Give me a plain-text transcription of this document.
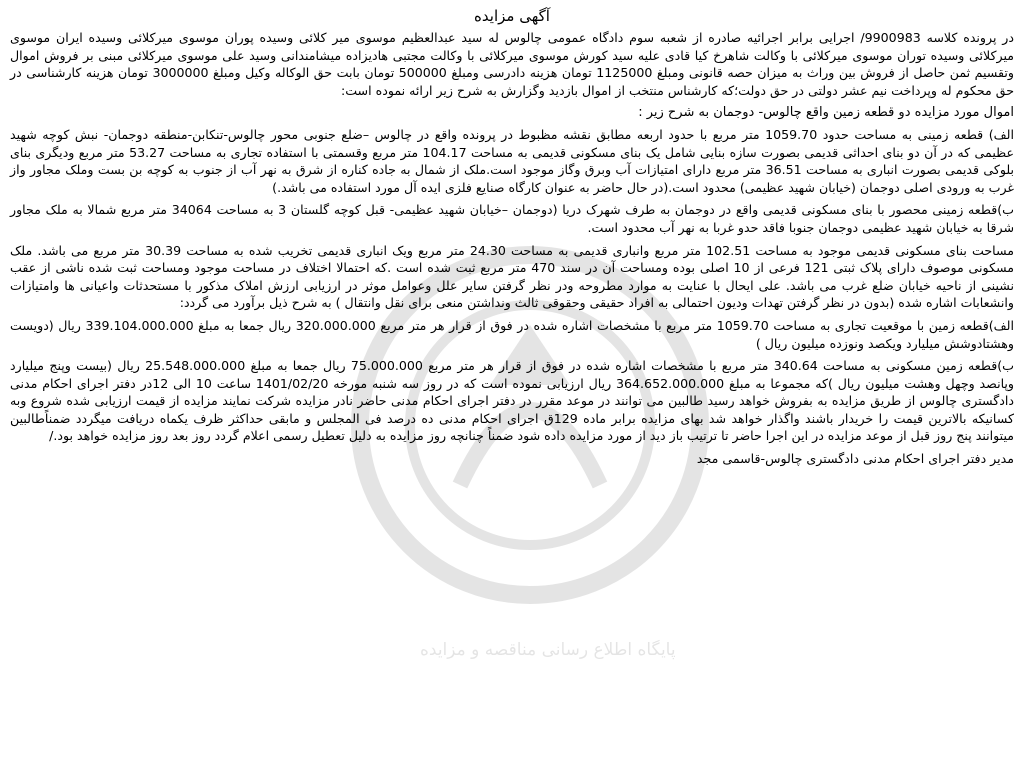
آگهی مزایده

در پرونده کلاسه 9900983/ اجرایی برابر اجرائیه صادره از شعبه سوم دادگاه عمومی چالوس له سید عبدالعظیم موسوی میر کلائی وسیده پوران موسوی میرکلائی وسیده ایران موسوی میرکلائی وسیده توران موسوی میرکلائی با وکالت شاهرخ کیا قادی علیه سید کورش موسوی میرکلائی با وکالت مجتبی هادیزاده میشامندانی وسید علی موسوی میرکلائی مبنی بر فروش اموال وتقسیم ثمن حاصل از فروش بین وراث به میزان حصه قانونی ومبلغ 1125000 تومان هزینه دادرسی ومبلغ 500000 تومان بابت حق الوکاله وکیل ومبلغ 3000000 تومان هزینه کارشناسی در حق محکوم له وپرداخت نیم عشر دولتی در حق دولت؛که کارشناس منتخب از اموال بازدید وگزارش به شرح زیر ارائه نموده است:

اموال مورد مزایده دو قطعه زمین واقع چالوس- دوجمان به شرح زیر :

الف) قطعه زمینی به مساحت حدود 1059.70 متر مربع با حدود اربعه مطابق نقشه مظبوط در پرونده واقع در چالوس –ضلع جنوبی محور چالوس-تنکابن-منطقه دوجمان- نبش کوچه شهید عظیمی که در آن دو بنای احداثی قدیمی بصورت سازه بنایی شامل یک بنای مسکونی قدیمی به مساحت 104.17 متر مربع وقسمتی با استفاده تجاری به مساحت 53.27 متر مربع ودیگری بنای بلوکی قدیمی بصورت انباری به مساحت 36.51 متر مربع دارای امتیازات آب وبرق وگاز موجود است.ملک از شمال به جاده کناره از شرق به نهر آب از جنوب به کوچه بن بست وملک مجاور واز غرب به ورودی اصلی دوجمان (خیابان شهید عظیمی) محدود است.(در حال حاضر به عنوان کارگاه صنایع فلزی ایده آل مورد استفاده می باشد.)

ب)قطعه زمینی محصور با بنای مسکونی قدیمی واقع در دوجمان به طرف شهرک دریا (دوجمان –خیابان شهید عظیمی- قبل کوچه گلستان 3 به مساحت 34064 متر مربع شمالا به ملک مجاور شرقا به خیابان شهید عظیمی دوجمان جنوبا فاقد حدو غربا به نهر آب محدود است.

مساحت بنای مسکونی قدیمی موجود به مساحت 102.51 متر مربع وانباری قدیمی به مساحت 24.30 متر مربع ویک انباری قدیمی تخریب شده به مساحت 30.39 متر مربع می باشد. ملک مسکونی موصوف دارای پلاک ثبتی 121 فرعی از 10 اصلی بوده ومساحت آن در سند 470 متر مربع ثبت شده است .که احتمالا اختلاف در مساحت موجود ومساحت ثبت شده ناشی از عقب نشینی از ناحیه خیابان ضلع غرب می باشد. علی ایحال با عنایت به موارد مطروحه ودر نظر گرفتن سایر علل وعوامل موثر در ارزیابی ارزش املاک مذکور با مستحدثات واعیانی ها وامتیازات وانشعابات اشاره شده (بدون در نظر گرفتن تهدات ودیون احتمالی به افراد حقیقی وحقوقی ثالث ونداشتن منعی برای نقل وانتقال ) به شرح ذیل برآورد می گردد:

الف)قطعه زمین با موقعیت تجاری به مساحت 1059.70 متر مربع با مشخصات اشاره شده در فوق از قرار هر متر مربع 320.000.000 ریال جمعا به مبلغ 339.104.000.000 ریال (دویست وهشتادوشش میلیارد ویکصد ونوزده میلیون ریال )

ب)قطعه زمین مسکونی به مساحت 340.64 متر مربع با مشخصات اشاره شده در فوق از قرار هر متر مربع 75.000.000 ریال جمعا به مبلغ 25.548.000.000 ریال (بیست وپنج میلیارد وپانصد وچهل وهشت میلیون ریال )که مجموعا به مبلغ 364.652.000.000 ریال ارزیابی نموده است که در روز سه شنبه مورخه 1401/02/20 ساعت 10 الی 12در دفتر اجرای احکام مدنی دادگستری چالوس از طریق مزایده به بفروش خواهد رسید طالبین می توانند در موعد مقرر در دفتر اجرای احکام مدنی حاضر نادر مزایده شرکت نمایند مزایده از قیمت ارزیابی شده شروع وبه کسانیکه بالاترین قیمت را خریدار باشند واگذار خواهد شد بهای مزایده برابر ماده 129ق اجرای احکام مدنی ده درصد فی المجلس و مابقی حداکثر ظرف یکماه دریافت میگردد ضمناًطالبین میتوانند پنج روز قبل از موعد مزایده در این اجرا حاضر تا ترتیب باز دید از مورد مزایده داده شود ضمناً چنانچه روز مزایده به دلیل تعطیل رسمی اعلام گردد روز بعد روز مزایده خواهد بود./

مدیر دفتر اجرای احکام مدنی دادگستری چالوس-قاسمی مجد

پایگاه اطلاع رسانی مناقصه و مزایده
